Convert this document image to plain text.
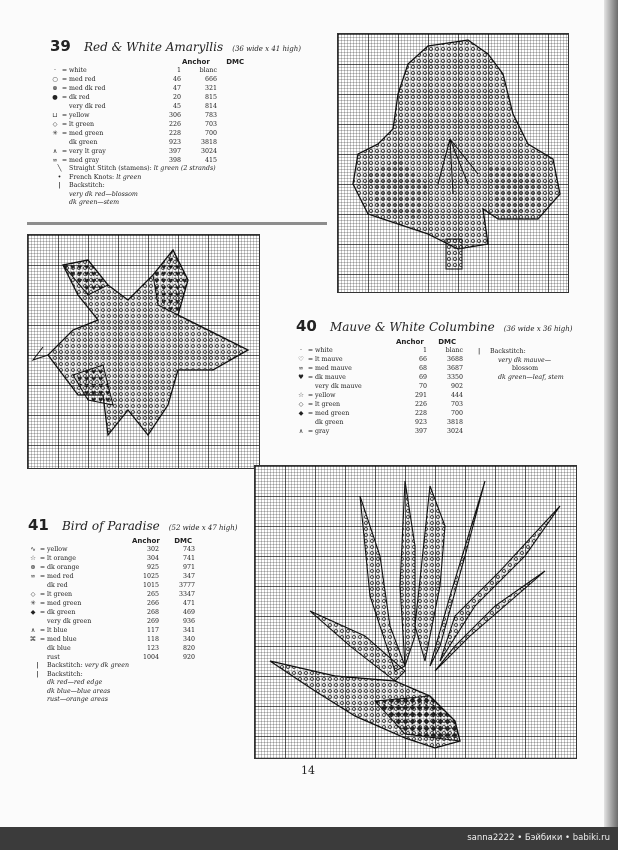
39 Red & White Amaryllis (36 wide x 41 high)
Anchor DMC
·	=	white	1	blanc
○	=	med red	46	666
⊗	=	med dk red	47	321
●	=	dk red	20	815
		very dk red	45	814
⊔	=	yellow	306	783
◇	=	lt green	226	703
✳	=	med green	228	700
		dk green	923	3818
∧	=	very lt gray	397	3024
∞	=	med gray	398	415
╲ Straight Stitch (stamens): lt green (2 strands)
• French Knots: lt green
| Backstitch:
very dk red—blossom
dk green—stem
40 Mauve & White Columbine (36 wide x 36 high)
Anchor DMC
·	=	white	1	blanc
♡	=	lt mauve	66	3688
∞	=	med mauve	68	3687
♥	=	dk mauve	69	3350
		very dk mauve	70	902
☆	=	yellow	291	444
◇	=	lt green	226	703
◆	=	med green	228	700
		dk green	923	3818
∧	=	gray	397	3024
| Backstitch:
very dk mauve—
blossom
dk green—leaf, stem
41 Bird of Paradise (52 wide x 47 high)
Anchor DMC
∿	=	yellow	302	743
☆	=	lt orange	304	741
⊛	=	dk orange	925	971
∞	=	med red	1025	347
		dk red	1015	3777
◇	=	lt green	265	3347
✳	=	med green	266	471
◆	=	dk green	268	469
		very dk green	269	936
∧	=	lt blue	117	341
⌘	=	med blue	118	340
		dk blue	123	820
		rust	1004	920
| Backstitch: very dk green
| Backstitch:
dk red—red edge
dk blue—blue areas
rust—orange areas
14
sanna2222 • Бэйбики • babiki.ru
